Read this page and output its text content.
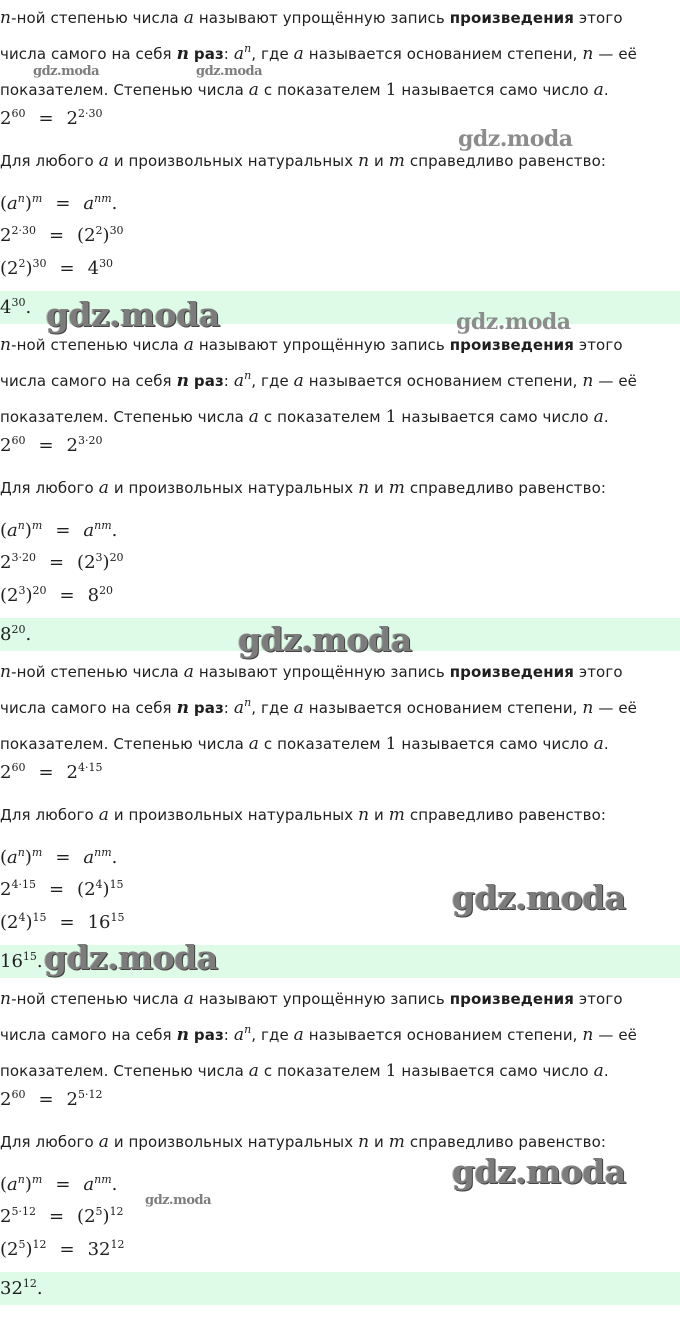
n-ной степенью числа a называют упрощённую запись произведения этого
числа самого на себя n раз: $a^n$, где a называется основанием степени, n — её
показателем. Степенью числа a с показателем 1 называется само число a.
$2^{60} = 2^{2\cdot 30}$
Для любого a и произвольных натуральных n и m справедливо равенство:
$(a^n)^m = a^{nm}$.
$2^{2\cdot 30} = (2^2)^{30}$
$(2^2)^{30} = 4^{30}$
$4^{30}$.
n-ной степенью числа a называют упрощённую запись произведения этого
числа самого на себя n раз: $a^n$, где a называется основанием степени, n — её
показателем. Степенью числа a с показателем 1 называется само число a.
$2^{60} = 2^{3\cdot 20}$
Для любого a и произвольных натуральных n и m справедливо равенство:
$(a^n)^m = a^{nm}$.
$2^{3\cdot 20} = (2^3)^{20}$
$(2^3)^{20} = 8^{20}$
$8^{20}$.
n-ной степенью числа a называют упрощённую запись произведения этого
числа самого на себя n раз: $a^n$, где a называется основанием степени, n — её
показателем. Степенью числа a с показателем 1 называется само число a.
$2^{60} = 2^{4\cdot 15}$
Для любого a и произвольных натуральных n и m справедливо равенство:
$(a^n)^m = a^{nm}$.
$2^{4\cdot 15} = (2^4)^{15}$
$(2^4)^{15} = 16^{15}$
$16^{15}$.
n-ной степенью числа a называют упрощённую запись произведения этого
числа самого на себя n раз: $a^n$, где a называется основанием степени, n — её
показателем. Степенью числа a с показателем 1 называется само число a.
$2^{60} = 2^{5\cdot 12}$
Для любого a и произвольных натуральных n и m справедливо равенство:
$(a^n)^m = a^{nm}$.
$2^{5\cdot 12} = (2^5)^{12}$
$(2^5)^{12} = 32^{12}$
$32^{12}$.
gdz.moda	gdz.moda
gdz.moda
gdz.moda	gdz.moda
gdz.moda
gdz.moda
gdz.moda
gdz.moda
gdz.moda
